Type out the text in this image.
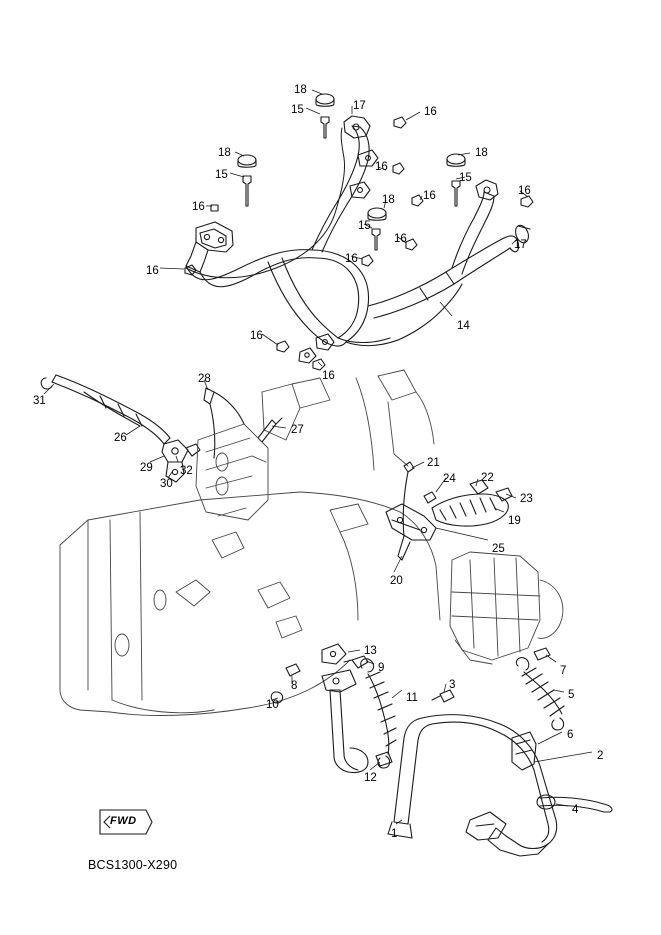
18
15	17	16
18
15
16
18
15
16
16
18 16
15
16	17
16
16
14
16
16
28
31
27
26
29 32
30
21
24 22
23
19
25
20
13
9	7
11
3
5
10
8
6
2
12
4
1
FWD
BCS1300-X290
